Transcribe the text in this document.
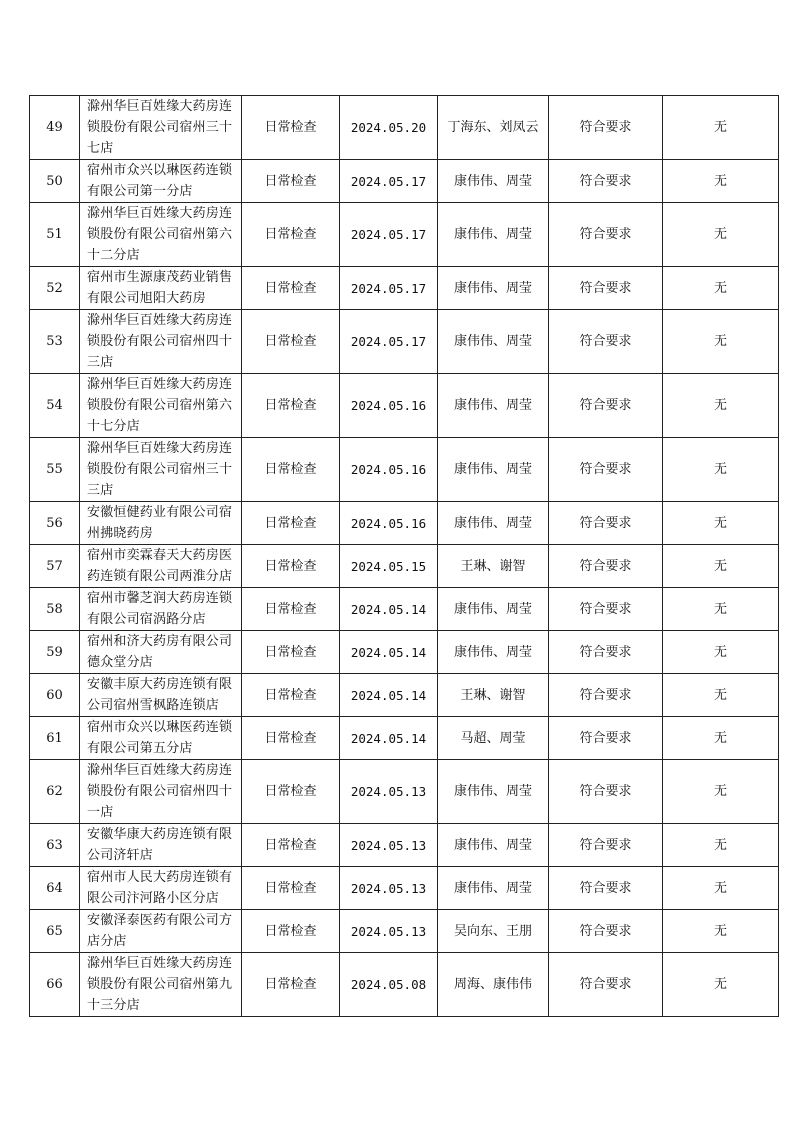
49	滁州华巨百姓缘大药房连锁股份有限公司宿州三十七店	日常检查	2024.05.20	丁海东、刘凤云	符合要求	无
50	宿州市众兴以琳医药连锁有限公司第一分店	日常检查	2024.05.17	康伟伟、周莹	符合要求	无
51	滁州华巨百姓缘大药房连锁股份有限公司宿州第六十二分店	日常检查	2024.05.17	康伟伟、周莹	符合要求	无
52	宿州市生源康茂药业销售有限公司旭阳大药房	日常检查	2024.05.17	康伟伟、周莹	符合要求	无
53	滁州华巨百姓缘大药房连锁股份有限公司宿州四十三店	日常检查	2024.05.17	康伟伟、周莹	符合要求	无
54	滁州华巨百姓缘大药房连锁股份有限公司宿州第六十七分店	日常检查	2024.05.16	康伟伟、周莹	符合要求	无
55	滁州华巨百姓缘大药房连锁股份有限公司宿州三十三店	日常检查	2024.05.16	康伟伟、周莹	符合要求	无
56	安徽恒健药业有限公司宿州拂晓药房	日常检查	2024.05.16	康伟伟、周莹	符合要求	无
57	宿州市奕霖春天大药房医药连锁有限公司两淮分店	日常检查	2024.05.15	王琳、谢智	符合要求	无
58	宿州市馨芝润大药房连锁有限公司宿涡路分店	日常检查	2024.05.14	康伟伟、周莹	符合要求	无
59	宿州和济大药房有限公司德众堂分店	日常检查	2024.05.14	康伟伟、周莹	符合要求	无
60	安徽丰原大药房连锁有限公司宿州雪枫路连锁店	日常检查	2024.05.14	王琳、谢智	符合要求	无
61	宿州市众兴以琳医药连锁有限公司第五分店	日常检查	2024.05.14	马超、周莹	符合要求	无
62	滁州华巨百姓缘大药房连锁股份有限公司宿州四十一店	日常检查	2024.05.13	康伟伟、周莹	符合要求	无
63	安徽华康大药房连锁有限公司济轩店	日常检查	2024.05.13	康伟伟、周莹	符合要求	无
64	宿州市人民大药房连锁有限公司汴河路小区分店	日常检查	2024.05.13	康伟伟、周莹	符合要求	无
65	安徽泽泰医药有限公司方店分店	日常检查	2024.05.13	吴向东、王朋	符合要求	无
66	滁州华巨百姓缘大药房连锁股份有限公司宿州第九十三分店	日常检查	2024.05.08	周海、康伟伟	符合要求	无
